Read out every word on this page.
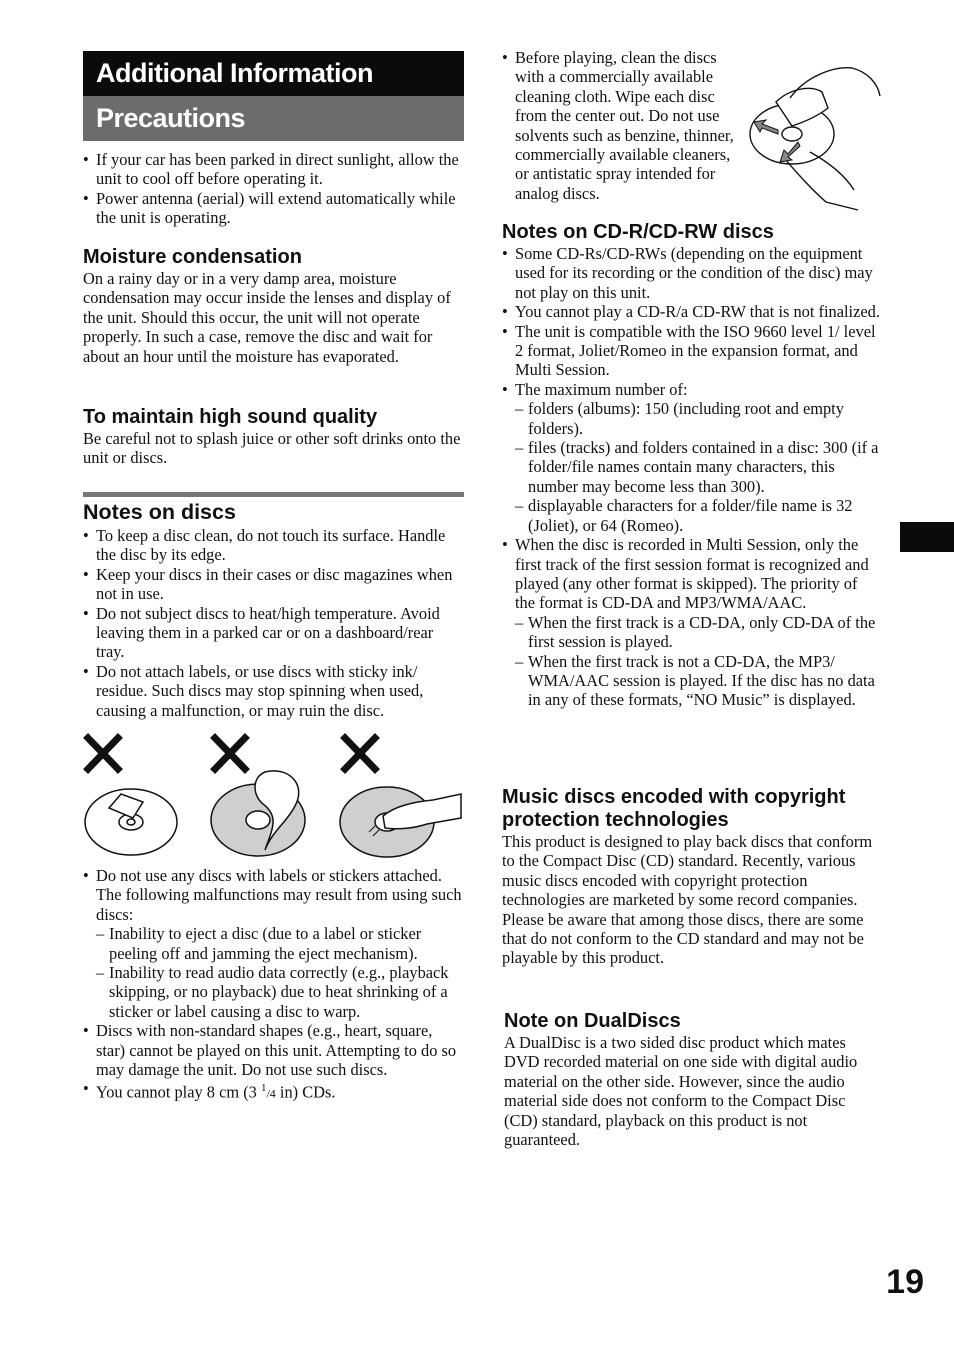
Additional Information
Precautions
• If your car has been parked in direct sunlight, allow the unit to cool off before operating it.
• Power antenna (aerial) will extend automatically while the unit is operating.
Moisture condensation

On a rainy day or in a very damp area, moisture condensation may occur inside the lenses and display of the unit. Should this occur, the unit will not operate properly. In such a case, remove the disc and wait for about an hour until the moisture has evaporated.

To maintain high sound quality

Be careful not to splash juice or other soft drinks onto the unit or discs.

Notes on discs
• To keep a disc clean, do not touch its surface. Handle the disc by its edge.
• Keep your discs in their cases or disc magazines when not in use.
• Do not subject discs to heat/high temperature. Avoid leaving them in a parked car or on a dashboard/rear tray.
• Do not attach labels, or use discs with sticky ink/ residue. Such discs may stop spinning when used, causing a malfunction, or may ruin the disc.
• Do not use any discs with labels or stickers attached.

The following malfunctions may result from using such discs:

– Inability to eject a disc (due to a label or sticker peeling off and jamming the eject mechanism).
– Inability to read audio data correctly (e.g., playback skipping, or no playback) due to heat shrinking of a sticker or label causing a disc to warp.
• Discs with non-standard shapes (e.g., heart, square, star) cannot be played on this unit. Attempting to do so may damage the unit. Do not use such discs.
• You cannot play 8 cm (3 $^1$/4 in) CDs.
• Before playing, clean the discs with a commercially available cleaning cloth. Wipe each disc from the center out. Do not use solvents such as benzine, thinner, commercially available cleaners, or antistatic spray intended for analog discs.
Notes on CD-R/CD-RW discs
• Some CD-Rs/CD-RWs (depending on the equipment used for its recording or the condition of the disc) may not play on this unit.
• You cannot play a CD-R/a CD-RW that is not finalized.
• The unit is compatible with the ISO 9660 level 1/ level 2 format, Joliet/Romeo in the expansion format, and Multi Session.
• The maximum number of:
– folders (albums): 150 (including root and empty folders).
– files (tracks) and folders contained in a disc: 300 (if a folder/file names contain many characters, this number may become less than 300).
– displayable characters for a folder/file name is 32 (Joliet), or 64 (Romeo).
• When the disc is recorded in Multi Session, only the first track of the first session format is recognized and played (any other format is skipped). The priority of the format is CD-DA and MP3/WMA/AAC.
– When the first track is a CD-DA, only CD-DA of the first session is played.
– When the first track is not a CD-DA, the MP3/ WMA/AAC session is played. If the disc has no data in any of these formats, “NO Music” is displayed.
Music discs encoded with copyright protection technologies

This product is designed to play back discs that conform to the Compact Disc (CD) standard. Recently, various music discs encoded with copyright protection technologies are marketed by some record companies. Please be aware that among those discs, there are some that do not conform to the CD standard and may not be playable by this product.

Note on DualDiscs

A DualDisc is a two sided disc product which mates DVD recorded material on one side with digital audio material on the other side. However, since the audio material side does not conform to the Compact Disc (CD) standard, playback on this product is not guaranteed.

19
